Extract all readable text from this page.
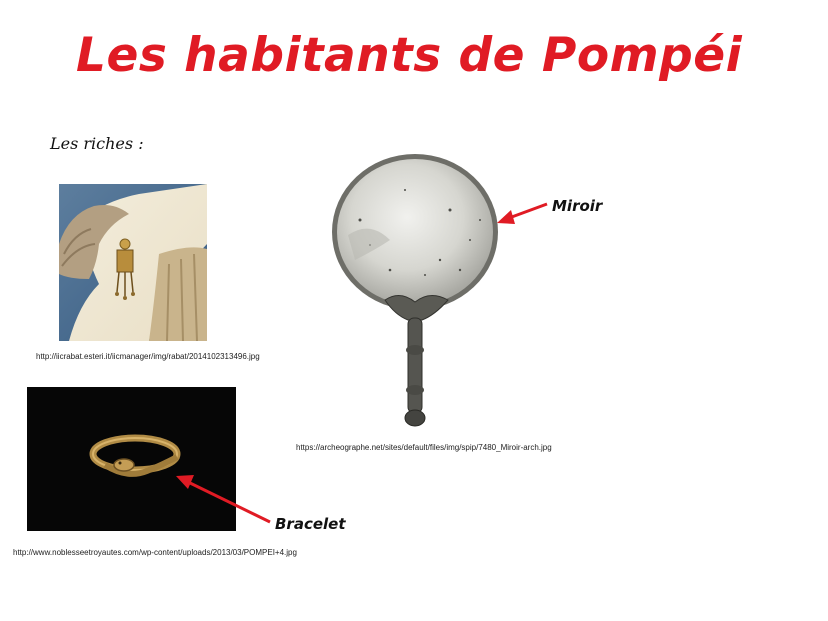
Les habitants de Pompéi
Les riches :
http://iicrabat.esteri.it/iicmanager/img/rabat/2014102313496.jpg
http://www.noblesseetroyautes.com/wp-content/uploads/2013/03/POMPEI+4.jpg
Bracelet
https://archeographe.net/sites/default/files/img/spip/7480_Miroir-arch.jpg
Miroir
